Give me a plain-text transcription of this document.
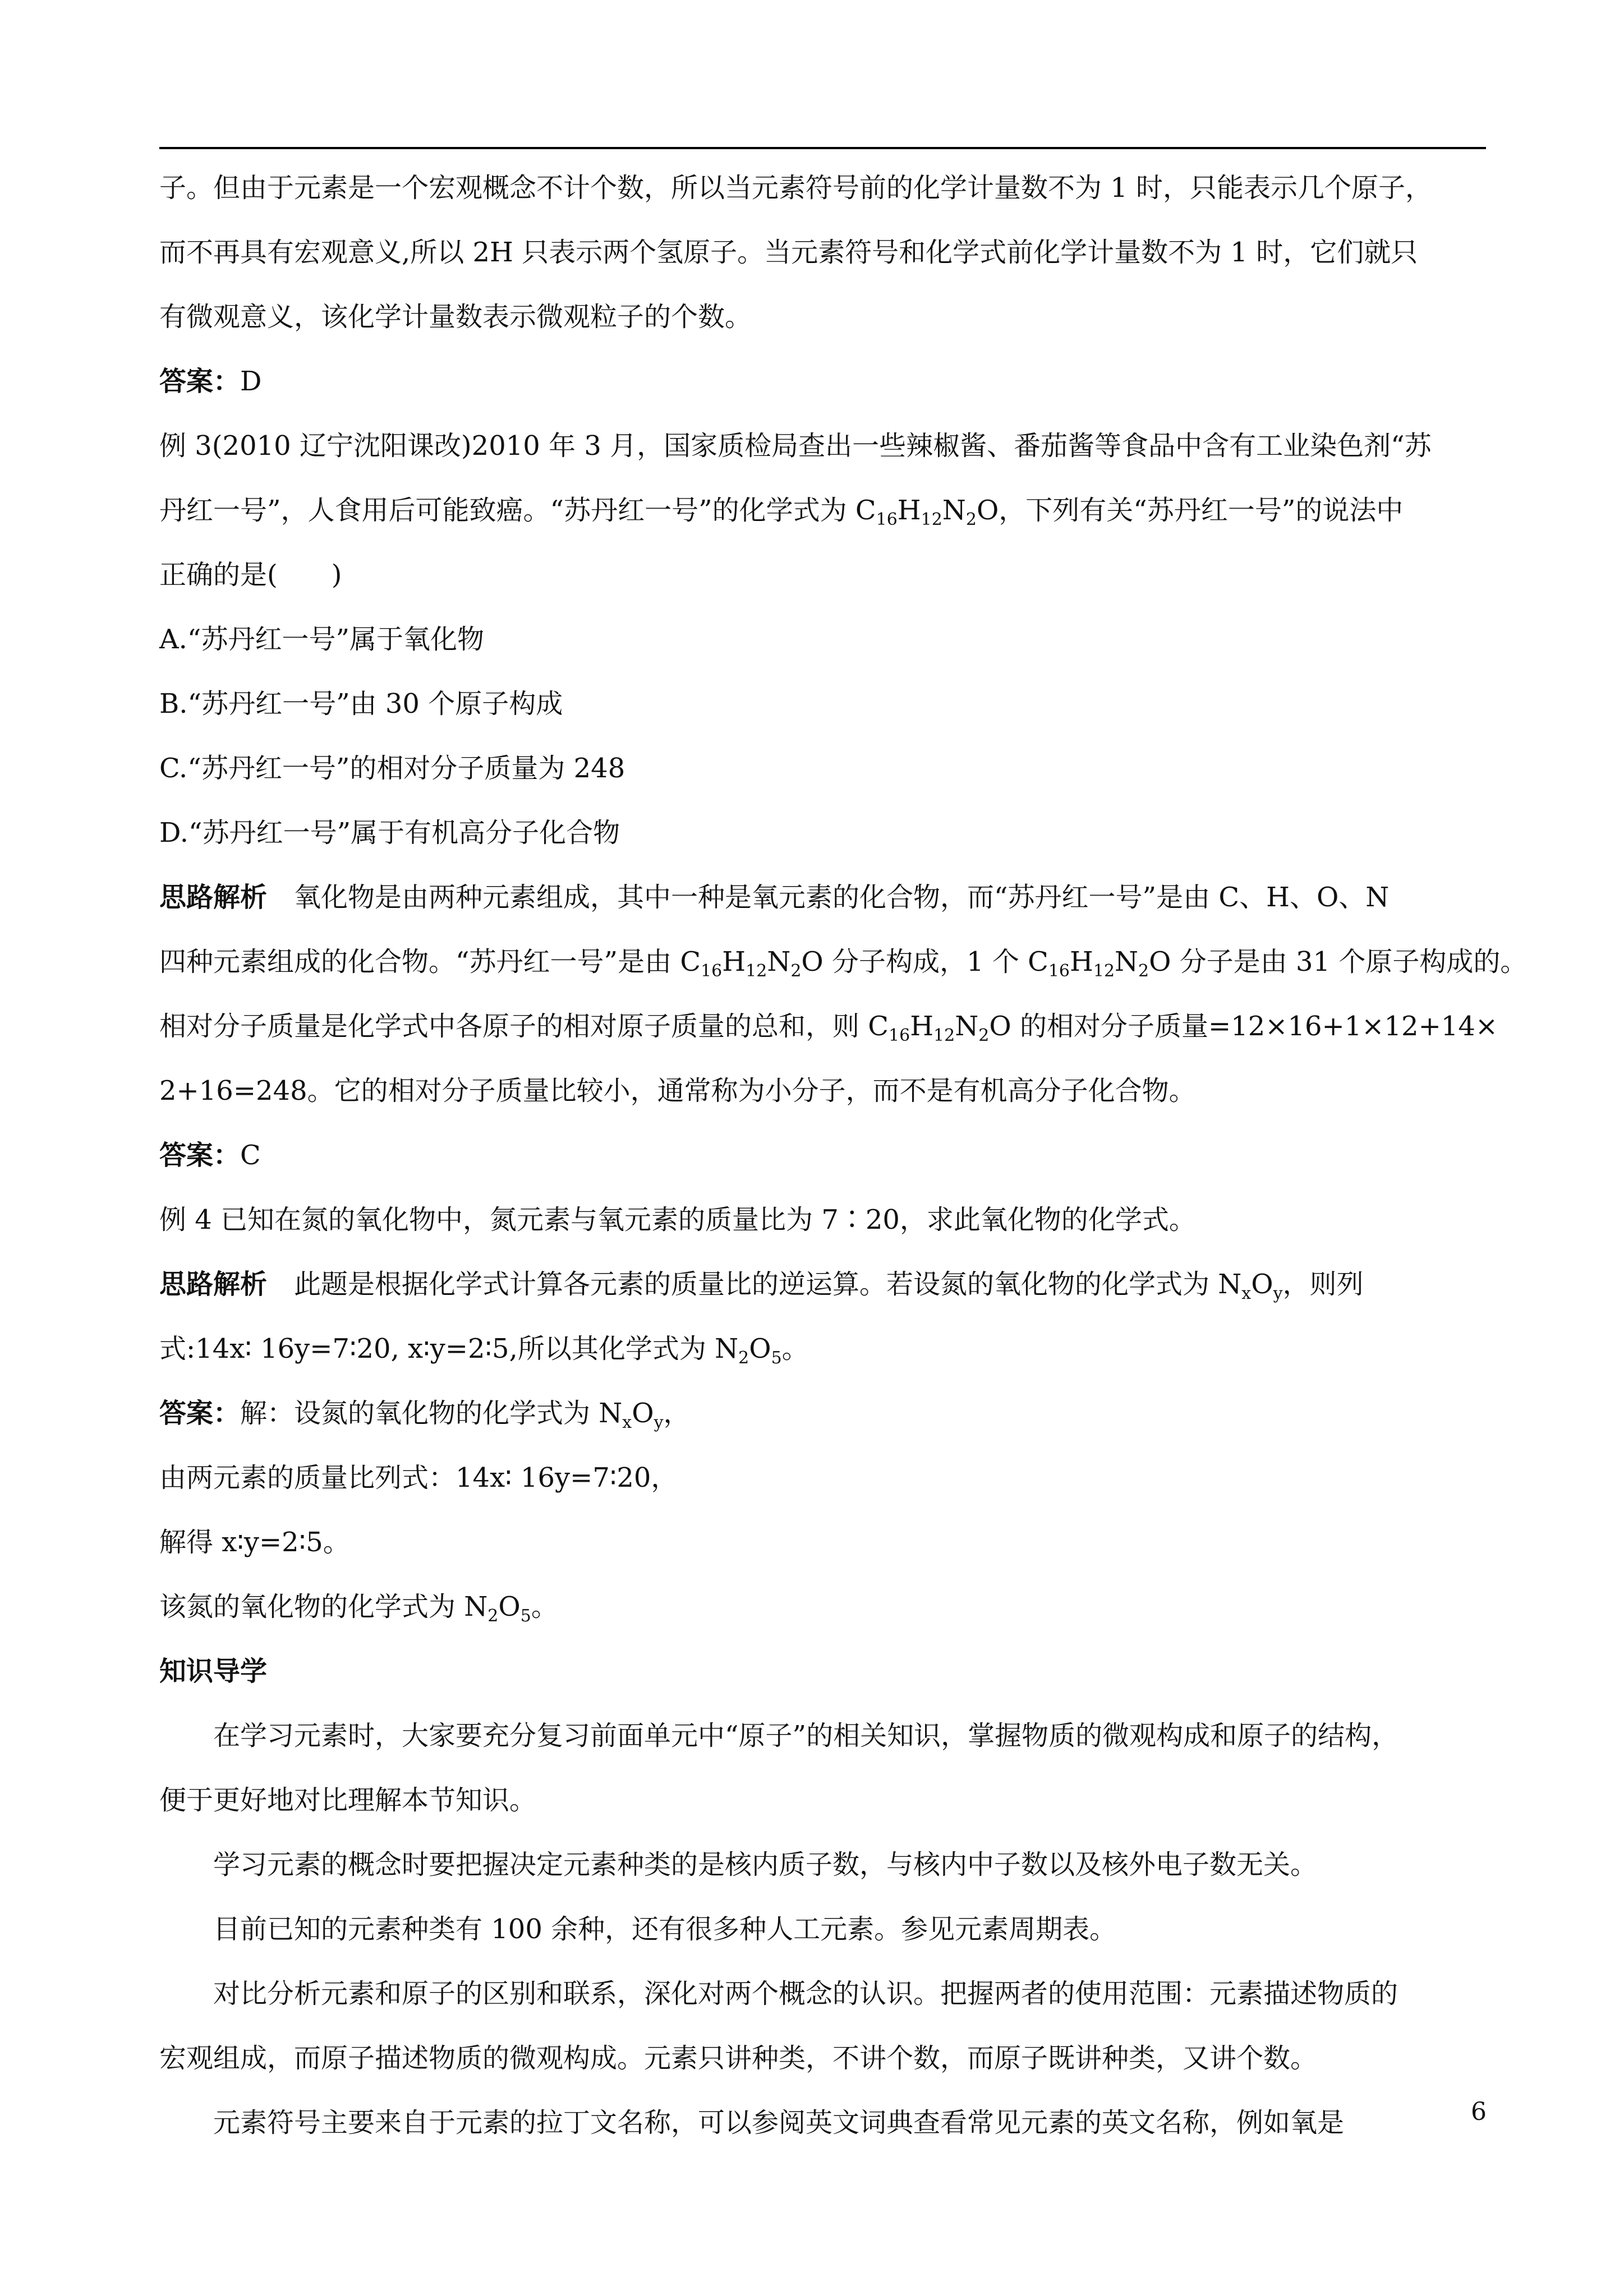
子。但由于元素是一个宏观概念不计个数，所以当元素符号前的化学计量数不为 1 时，只能表示几个原子，
而不再具有宏观意义,所以 2H 只表示两个氢原子。当元素符号和化学式前化学计量数不为 1 时，它们就只
有微观意义，该化学计量数表示微观粒子的个数。
答案：D
例 3(2010 辽宁沈阳课改)2010 年 3 月，国家质检局查出一些辣椒酱、番茄酱等食品中含有工业染色剂“苏
丹红一号”，人食用后可能致癌。“苏丹红一号”的化学式为 $C_{16}H_{12}N_2O$，下列有关“苏丹红一号”的说法中
正确的是(　　)
A.“苏丹红一号”属于氧化物
B.“苏丹红一号”由 30 个原子构成
C.“苏丹红一号”的相对分子质量为 248
D.“苏丹红一号”属于有机高分子化合物
思路解析　氧化物是由两种元素组成，其中一种是氧元素的化合物，而“苏丹红一号”是由 C、H、O、N
四种元素组成的化合物。“苏丹红一号”是由 $C_{16}H_{12}N_2O$ 分子构成，1 个 $C_{16}H_{12}N_2O$ 分子是由 31 个原子构成的。
相对分子质量是化学式中各原子的相对原子质量的总和，则 $C_{16}H_{12}N_2O$ 的相对分子质量=12×16+1×12+14×
2+16=248。它的相对分子质量比较小，通常称为小分子，而不是有机高分子化合物。
答案：C
例 4 已知在氮的氧化物中，氮元素与氧元素的质量比为 7∶20，求此氧化物的化学式。
思路解析　此题是根据化学式计算各元素的质量比的逆运算。若设氮的氧化物的化学式为 $N_xO_y$，则列
式:14x∶ 16y=7∶20, x∶y=2∶5,所以其化学式为 $N_2O_5$。
答案：解：设氮的氧化物的化学式为 $N_xO_y$，
由两元素的质量比列式：14x∶ 16y=7∶20，
解得 x∶y=2∶5。
该氮的氧化物的化学式为 $N_2O_5$。
知识导学
在学习元素时，大家要充分复习前面单元中“原子”的相关知识，掌握物质的微观构成和原子的结构，
便于更好地对比理解本节知识。
学习元素的概念时要把握决定元素种类的是核内质子数，与核内中子数以及核外电子数无关。
目前已知的元素种类有 100 余种，还有很多种人工元素。参见元素周期表。
对比分析元素和原子的区别和联系，深化对两个概念的认识。把握两者的使用范围：元素描述物质的
宏观组成，而原子描述物质的微观构成。元素只讲种类，不讲个数，而原子既讲种类，又讲个数。
元素符号主要来自于元素的拉丁文名称，可以参阅英文词典查看常见元素的英文名称，例如氧是	6
